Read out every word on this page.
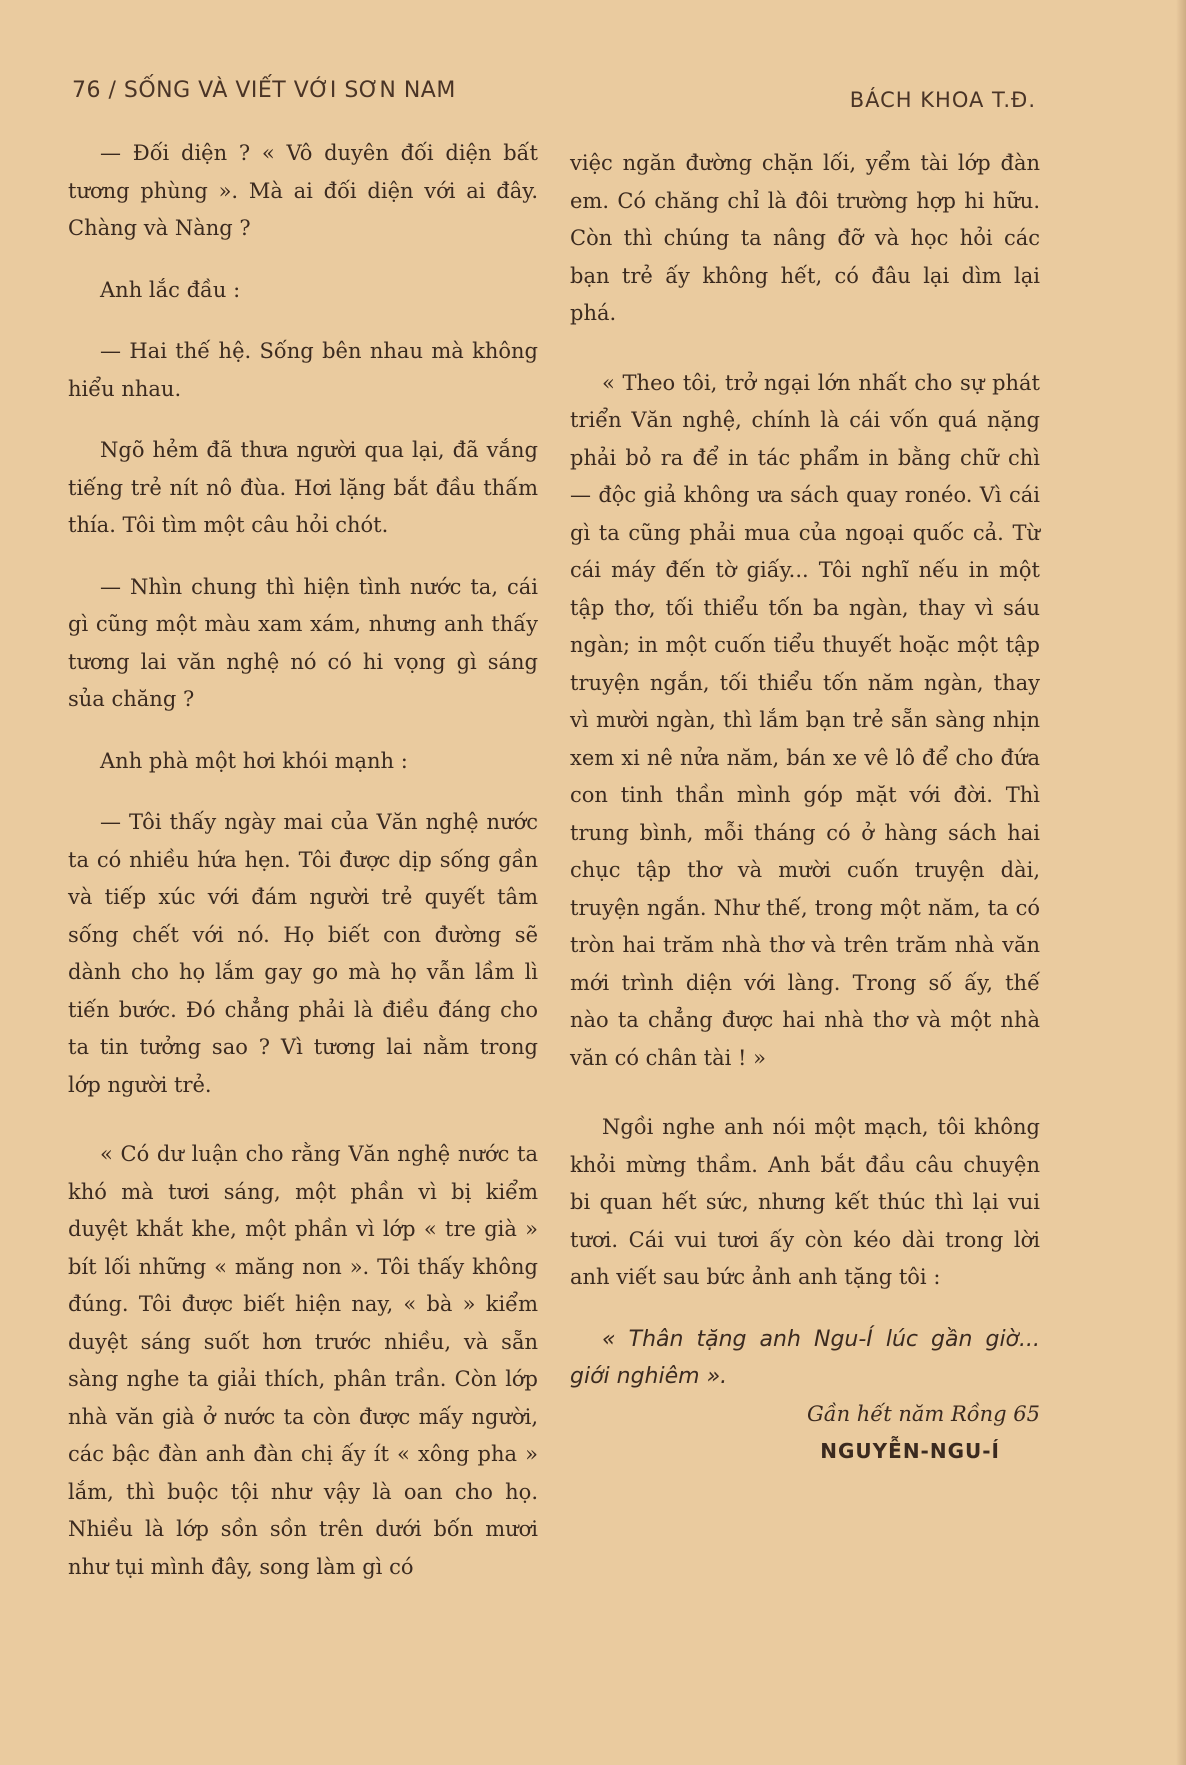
76 / SỐNG VÀ VIẾT VỚI SƠN NAM	BÁCH KHOA T.Đ.

— Đối diện ? « Vô duyên đối diện bất tương phùng ». Mà ai đối diện với ai đây. Chàng và Nàng ?

Anh lắc đầu :

— Hai thế hệ. Sống bên nhau mà không hiểu nhau.

Ngõ hẻm đã thưa người qua lại, đã vắng tiếng trẻ nít nô đùa. Hơi lặng bắt đầu thấm thía. Tôi tìm một câu hỏi chót.

— Nhìn chung thì hiện tình nước ta, cái gì cũng một màu xam xám, nhưng anh thấy tương lai văn nghệ nó có hi vọng gì sáng sủa chăng ?

Anh phà một hơi khói mạnh :

— Tôi thấy ngày mai của Văn nghệ nước ta có nhiều hứa hẹn. Tôi được dịp sống gần và tiếp xúc với đám người trẻ quyết tâm sống chết với nó. Họ biết con đường sẽ dành cho họ lắm gay go mà họ vẫn lầm lì tiến bước. Đó chẳng phải là điều đáng cho ta tin tưởng sao ? Vì tương lai nằm trong lớp người trẻ.

« Có dư luận cho rằng Văn nghệ nước ta khó mà tươi sáng, một phần vì bị kiểm duyệt khắt khe, một phần vì lớp « tre già » bít lối những « măng non ». Tôi thấy không đúng. Tôi được biết hiện nay, « bà » kiểm duyệt sáng suốt hơn trước nhiều, và sẵn sàng nghe ta giải thích, phân trần. Còn lớp nhà văn già ở nước ta còn được mấy người, các bậc đàn anh đàn chị ấy ít « xông pha » lắm, thì buộc tội như vậy là oan cho họ. Nhiều là lớp sồn sồn trên dưới bốn mươi như tụi mình đây, song làm gì có

việc ngăn đường chặn lối, yểm tài lớp đàn em. Có chăng chỉ là đôi trường hợp hi hữu. Còn thì chúng ta nâng đỡ và học hỏi các bạn trẻ ấy không hết, có đâu lại dìm lại phá.

« Theo tôi, trở ngại lớn nhất cho sự phát triển Văn nghệ, chính là cái vốn quá nặng phải bỏ ra để in tác phẩm in bằng chữ chì — độc giả không ưa sách quay ronéo. Vì cái gì ta cũng phải mua của ngoại quốc cả. Từ cái máy đến tờ giấy... Tôi nghĩ nếu in một tập thơ, tối thiểu tốn ba ngàn, thay vì sáu ngàn; in một cuốn tiểu thuyết hoặc một tập truyện ngắn, tối thiểu tốn năm ngàn, thay vì mười ngàn, thì lắm bạn trẻ sẵn sàng nhịn xem xi nê nửa năm, bán xe vê lô để cho đứa con tinh thần mình góp mặt với đời. Thì trung bình, mỗi tháng có ở hàng sách hai chục tập thơ và mười cuốn truyện dài, truyện ngắn. Như thế, trong một năm, ta có tròn hai trăm nhà thơ và trên trăm nhà văn mới trình diện với làng. Trong số ấy, thế nào ta chẳng được hai nhà thơ và một nhà văn có chân tài ! »

Ngồi nghe anh nói một mạch, tôi không khỏi mừng thầm. Anh bắt đầu câu chuyện bi quan hết sức, nhưng kết thúc thì lại vui tươi. Cái vui tươi ấy còn kéo dài trong lời anh viết sau bức ảnh anh tặng tôi :

« Thân tặng anh Ngu-Í lúc gần giờ... giới nghiêm ».

Gần hết năm Rồng 65

NGUYỄN-NGU-Í
